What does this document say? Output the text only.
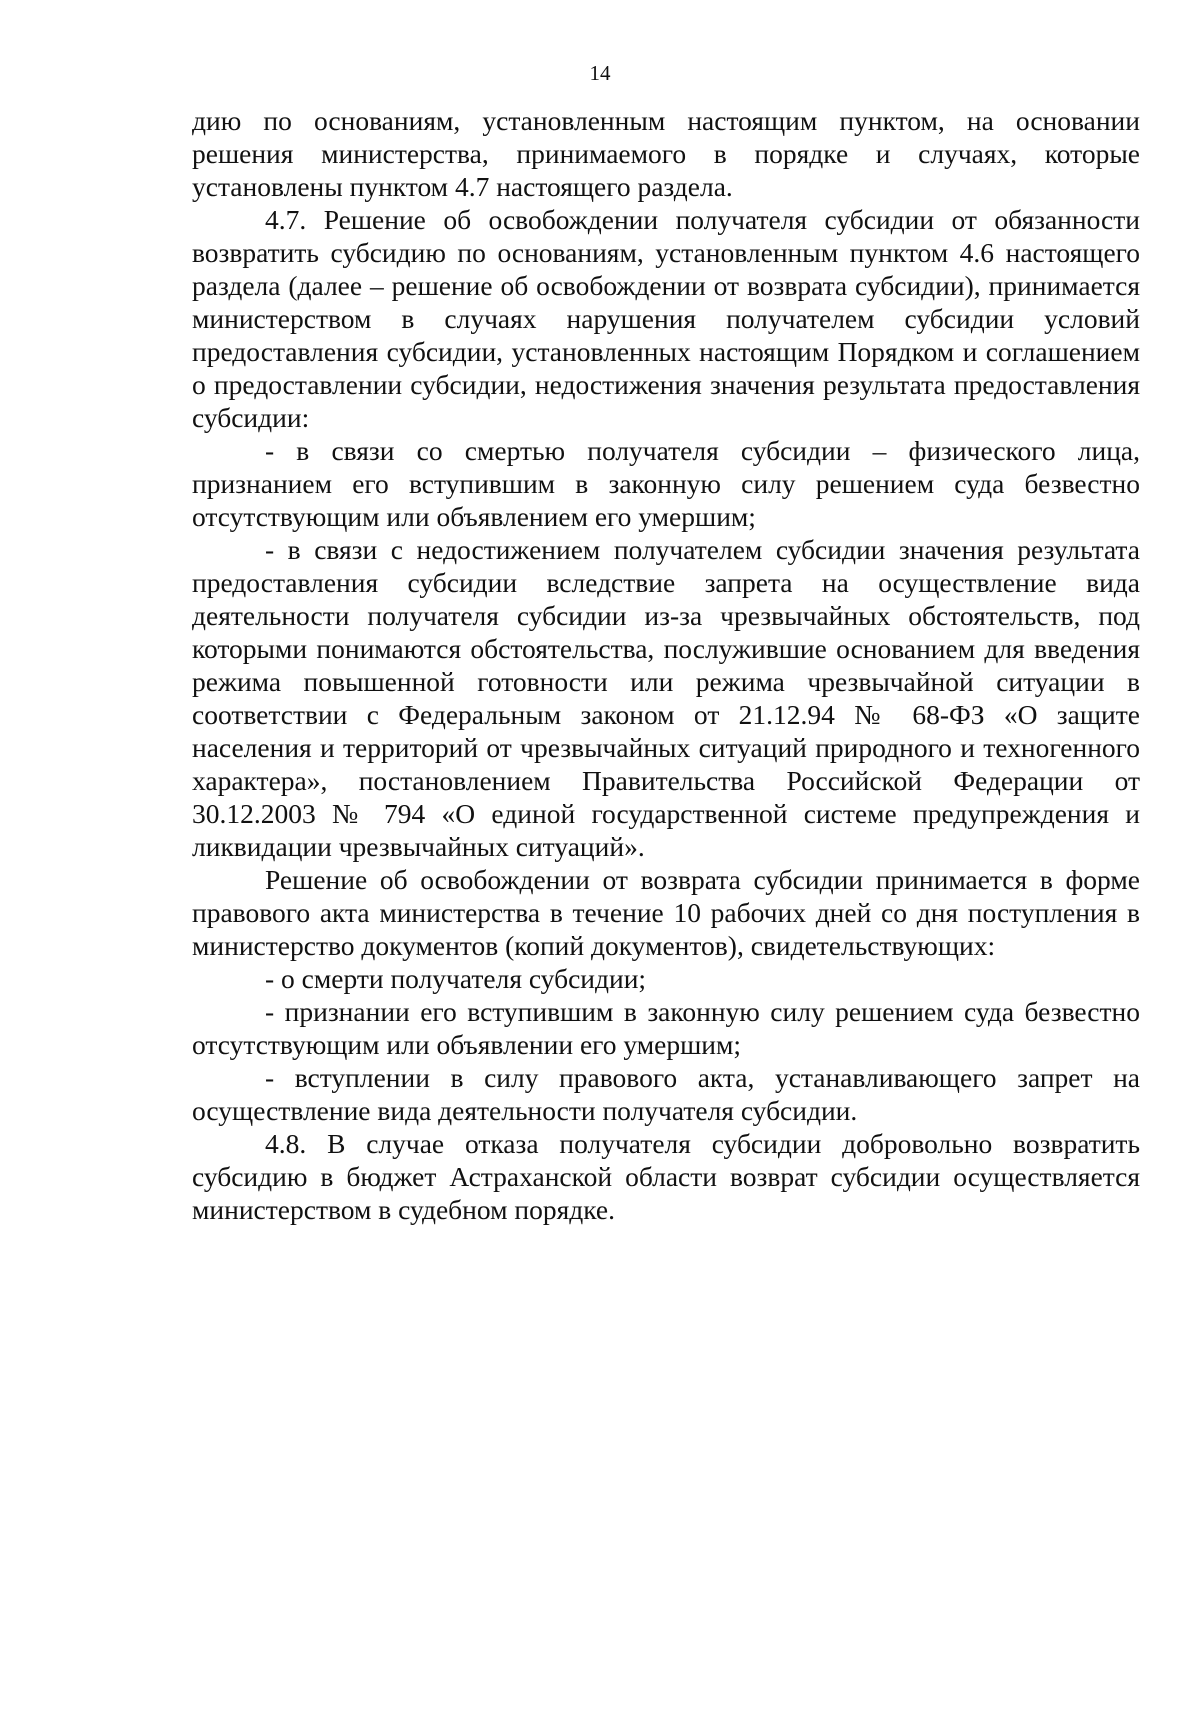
14

дию по основаниям, установленным настоящим пунктом, на основании решения министерства, принимаемого в порядке и случаях, которые установлены пунктом 4.7 настоящего раздела.

4.7. Решение об освобождении получателя субсидии от обязанности возвратить субсидию по основаниям, установленным пунктом 4.6 настоящего раздела (далее – решение об освобождении от возврата субсидии), принимается министерством в случаях нарушения получателем субсидии условий предоставления субсидии, установленных настоящим Порядком и соглашением о предоставлении субсидии, недостижения значения результата предоставления субсидии:

- в связи со смертью получателя субсидии – физического лица, признанием его вступившим в законную силу решением суда безвестно отсутствующим или объявлением его умершим;

- в связи с недостижением получателем субсидии значения результата предоставления субсидии вследствие запрета на осуществление вида деятельности получателя субсидии из-за чрезвычайных обстоятельств, под которыми понимаются обстоятельства, послужившие основанием для введения режима повышенной готовности или режима чрезвычайной ситуации в соответствии с Федеральным законом от 21.12.94 № 68-ФЗ «О защите населения и территорий от чрезвычайных ситуаций природного и техногенного характера», постановлением Правительства Российской Федерации от 30.12.2003 № 794 «О единой государственной системе предупреждения и ликвидации чрезвычайных ситуаций».

Решение об освобождении от возврата субсидии принимается в форме правового акта министерства в течение 10 рабочих дней со дня поступления в министерство документов (копий документов), свидетельствующих:

- о смерти получателя субсидии;

- признании его вступившим в законную силу решением суда безвестно отсутствующим или объявлении его умершим;

- вступлении в силу правового акта, устанавливающего запрет на осуществление вида деятельности получателя субсидии.

4.8. В случае отказа получателя субсидии добровольно возвратить субсидию в бюджет Астраханской области возврат субсидии осуществляется министерством в судебном порядке.
